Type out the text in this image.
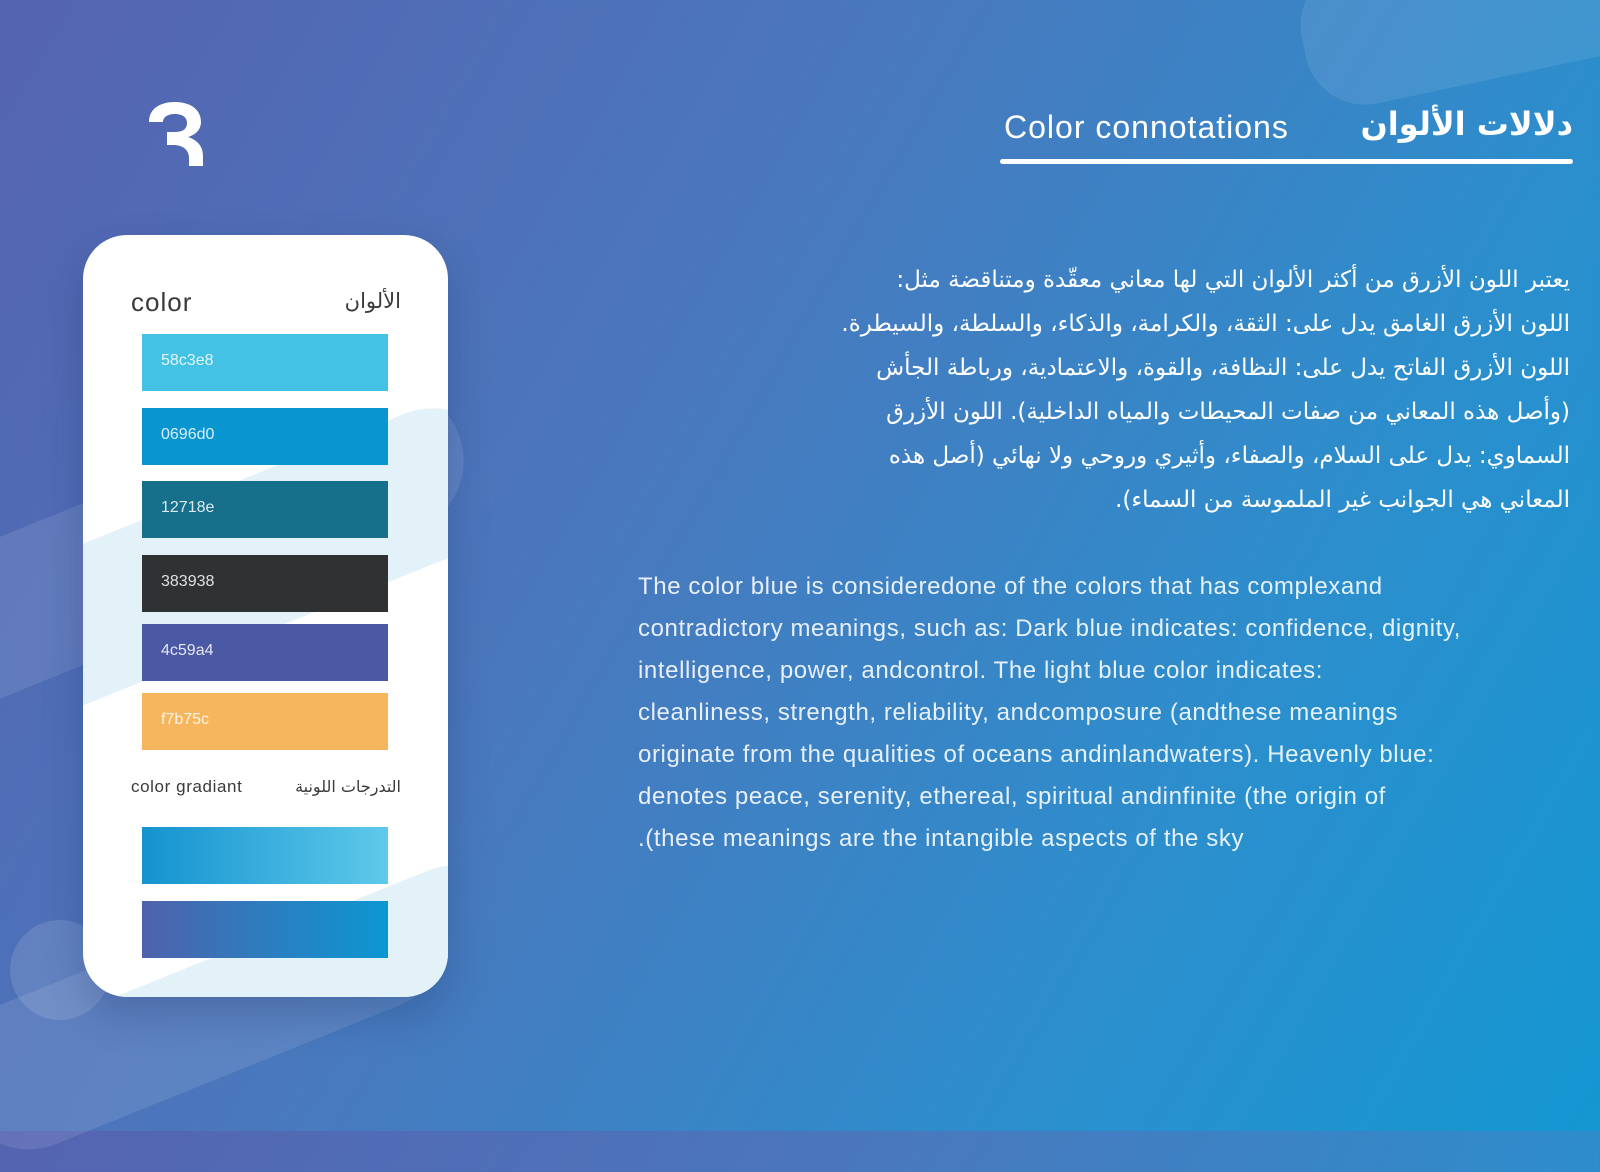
Color connotations دلالات الألوان

يعتبر اللون الأزرق من أكثر الألوان التي لها معاني معقّدة ومتناقضة مثل:

اللون الأزرق الغامق يدل على: الثقة، والكرامة، والذكاء، والسلطة، والسيطرة.

اللون الأزرق الفاتح يدل على: النظافة، والقوة، والاعتمادية، ورباطة الجأش

(وأصل هذه المعاني من صفات المحيطات والمياه الداخلية). اللون الأزرق

السماوي: يدل على السلام، والصفاء، وأثيري وروحي ولا نهائي (أصل هذه

المعاني هي الجوانب غير الملموسة من السماء).

The color blue is consideredone of the colors that has complexand

contradictory meanings, such as: Dark blue indicates: confidence, dignity,

intelligence, power, andcontrol. The light blue color indicates:

cleanliness, strength, reliability, andcomposure (andthese meanings

originate from the qualities of oceans andinlandwaters). Heavenly blue:

denotes peace, serenity, ethereal, spiritual andinfinite (the origin of

.(these meanings are the intangible aspects of the sky

color	الألوان
58c3e8
0696d0
12718e
383938
4c59a4
f7b75c
color gradiant	التدرجات اللونية
